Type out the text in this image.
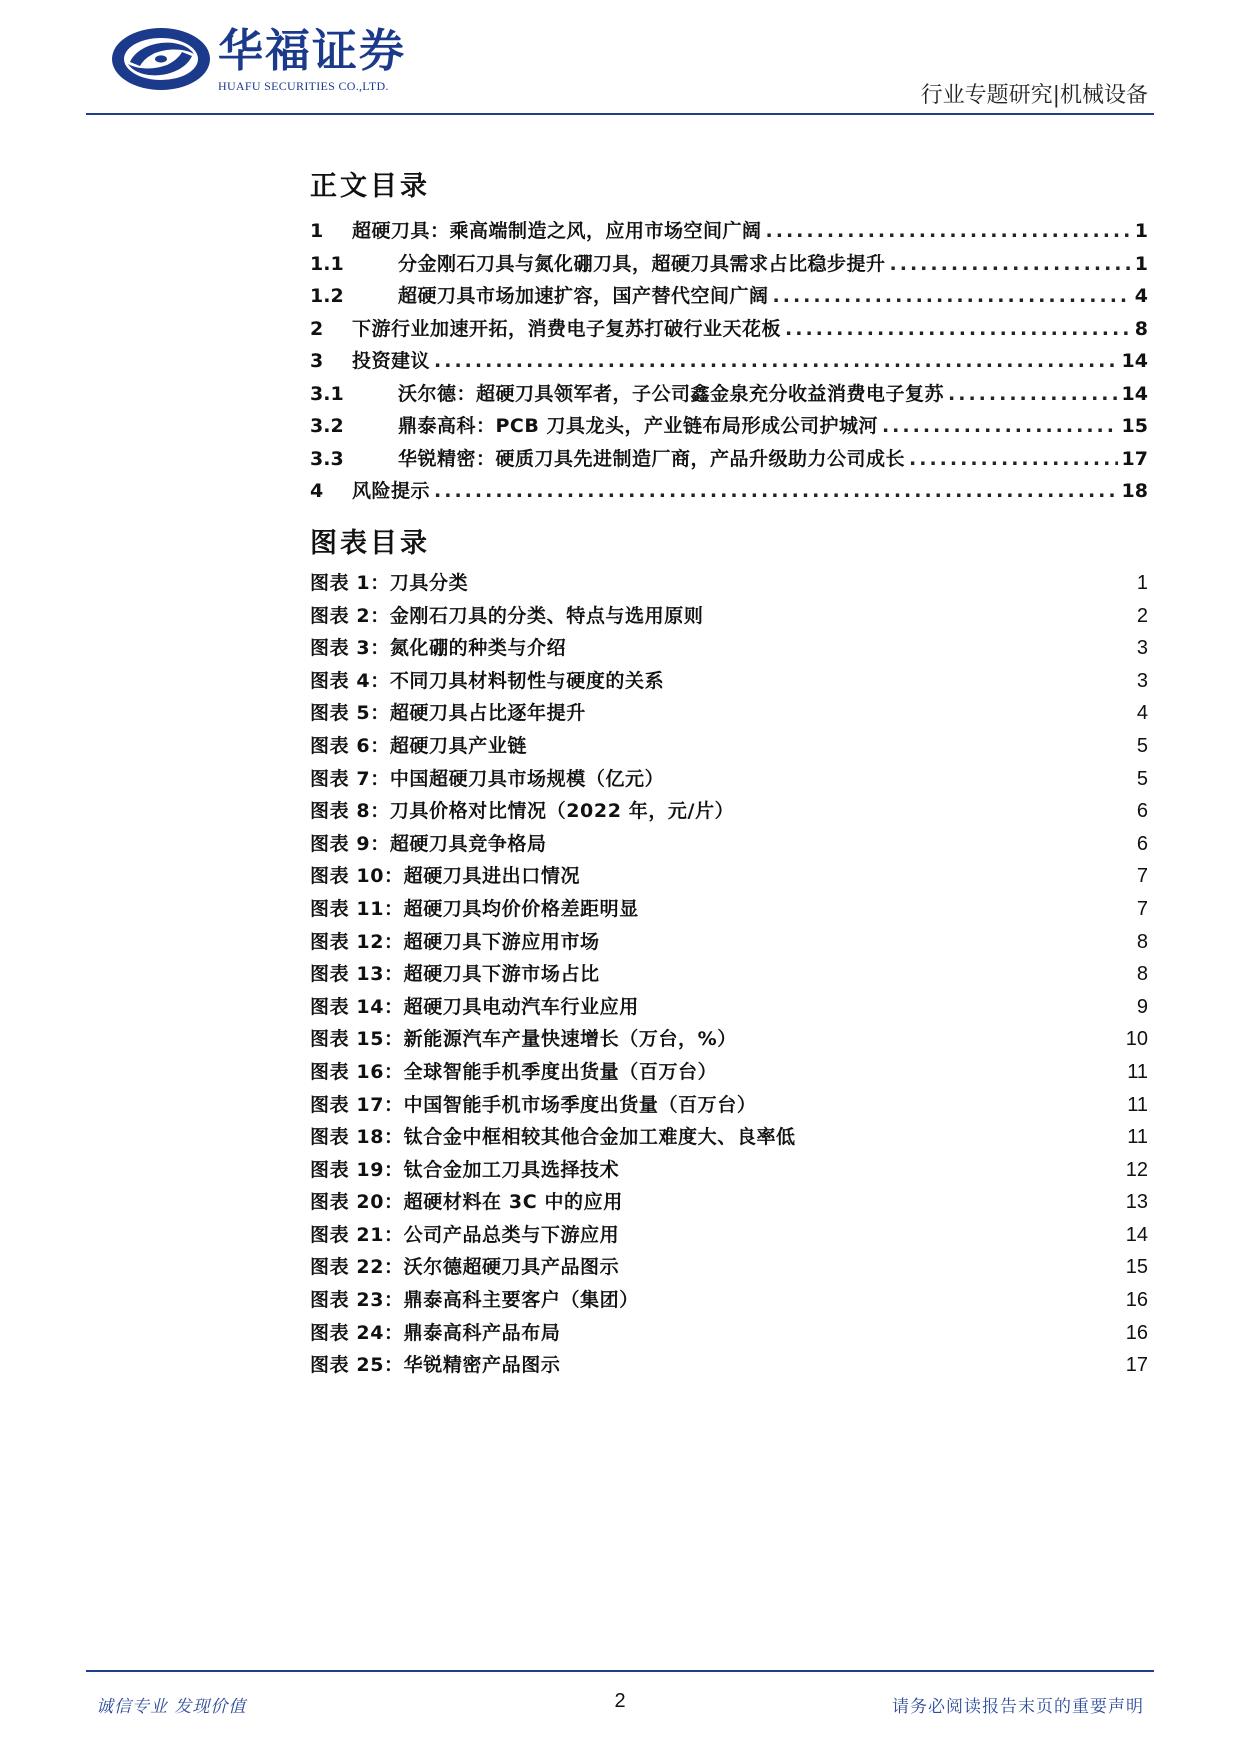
华福证券
HUAFU SECURITIES CO.,LTD.	行业专题研究|机械设备
正文目录
1	超硬刀具：乘高端制造之风，应用市场空间广阔 .....	1
1.1	分金刚石刀具与氮化硼刀具，超硬刀具需求占比稳步提升 .....	1
1.2	超硬刀具市场加速扩容，国产替代空间广阔 .....	4
2	下游行业加速开拓，消费电子复苏打破行业天花板 .....	8
3	投资建议 .....	14
3.1	沃尔德：超硬刀具领军者，子公司鑫金泉充分收益消费电子复苏 .....	14
3.2	鼎泰高科：PCB 刀具龙头，产业链布局形成公司护城河 .....	15
3.3	华锐精密：硬质刀具先进制造厂商，产品升级助力公司成长 .....	17
4	风险提示 .....	18
图表目录
图表 1：刀具分类	1
图表 2：金刚石刀具的分类、特点与选用原则	2
图表 3：氮化硼的种类与介绍	3
图表 4：不同刀具材料韧性与硬度的关系	3
图表 5：超硬刀具占比逐年提升	4
图表 6：超硬刀具产业链	5
图表 7：中国超硬刀具市场规模（亿元）	5
图表 8：刀具价格对比情况（2022 年，元/片）	6
图表 9：超硬刀具竞争格局	6
图表 10：超硬刀具进出口情况	7
图表 11：超硬刀具均价价格差距明显	7
图表 12：超硬刀具下游应用市场	8
图表 13：超硬刀具下游市场占比	8
图表 14：超硬刀具电动汽车行业应用	9
图表 15：新能源汽车产量快速增长（万台，%）	10
图表 16：全球智能手机季度出货量（百万台）	11
图表 17：中国智能手机市场季度出货量（百万台）	11
图表 18：钛合金中框相较其他合金加工难度大、良率低	11
图表 19：钛合金加工刀具选择技术	12
图表 20：超硬材料在 3C 中的应用	13
图表 21：公司产品总类与下游应用	14
图表 22：沃尔德超硬刀具产品图示	15
图表 23：鼎泰高科主要客户（集团）	16
图表 24：鼎泰高科产品布局	16
图表 25：华锐精密产品图示	17
诚信专业 发现价值	2	请务必阅读报告末页的重要声明
